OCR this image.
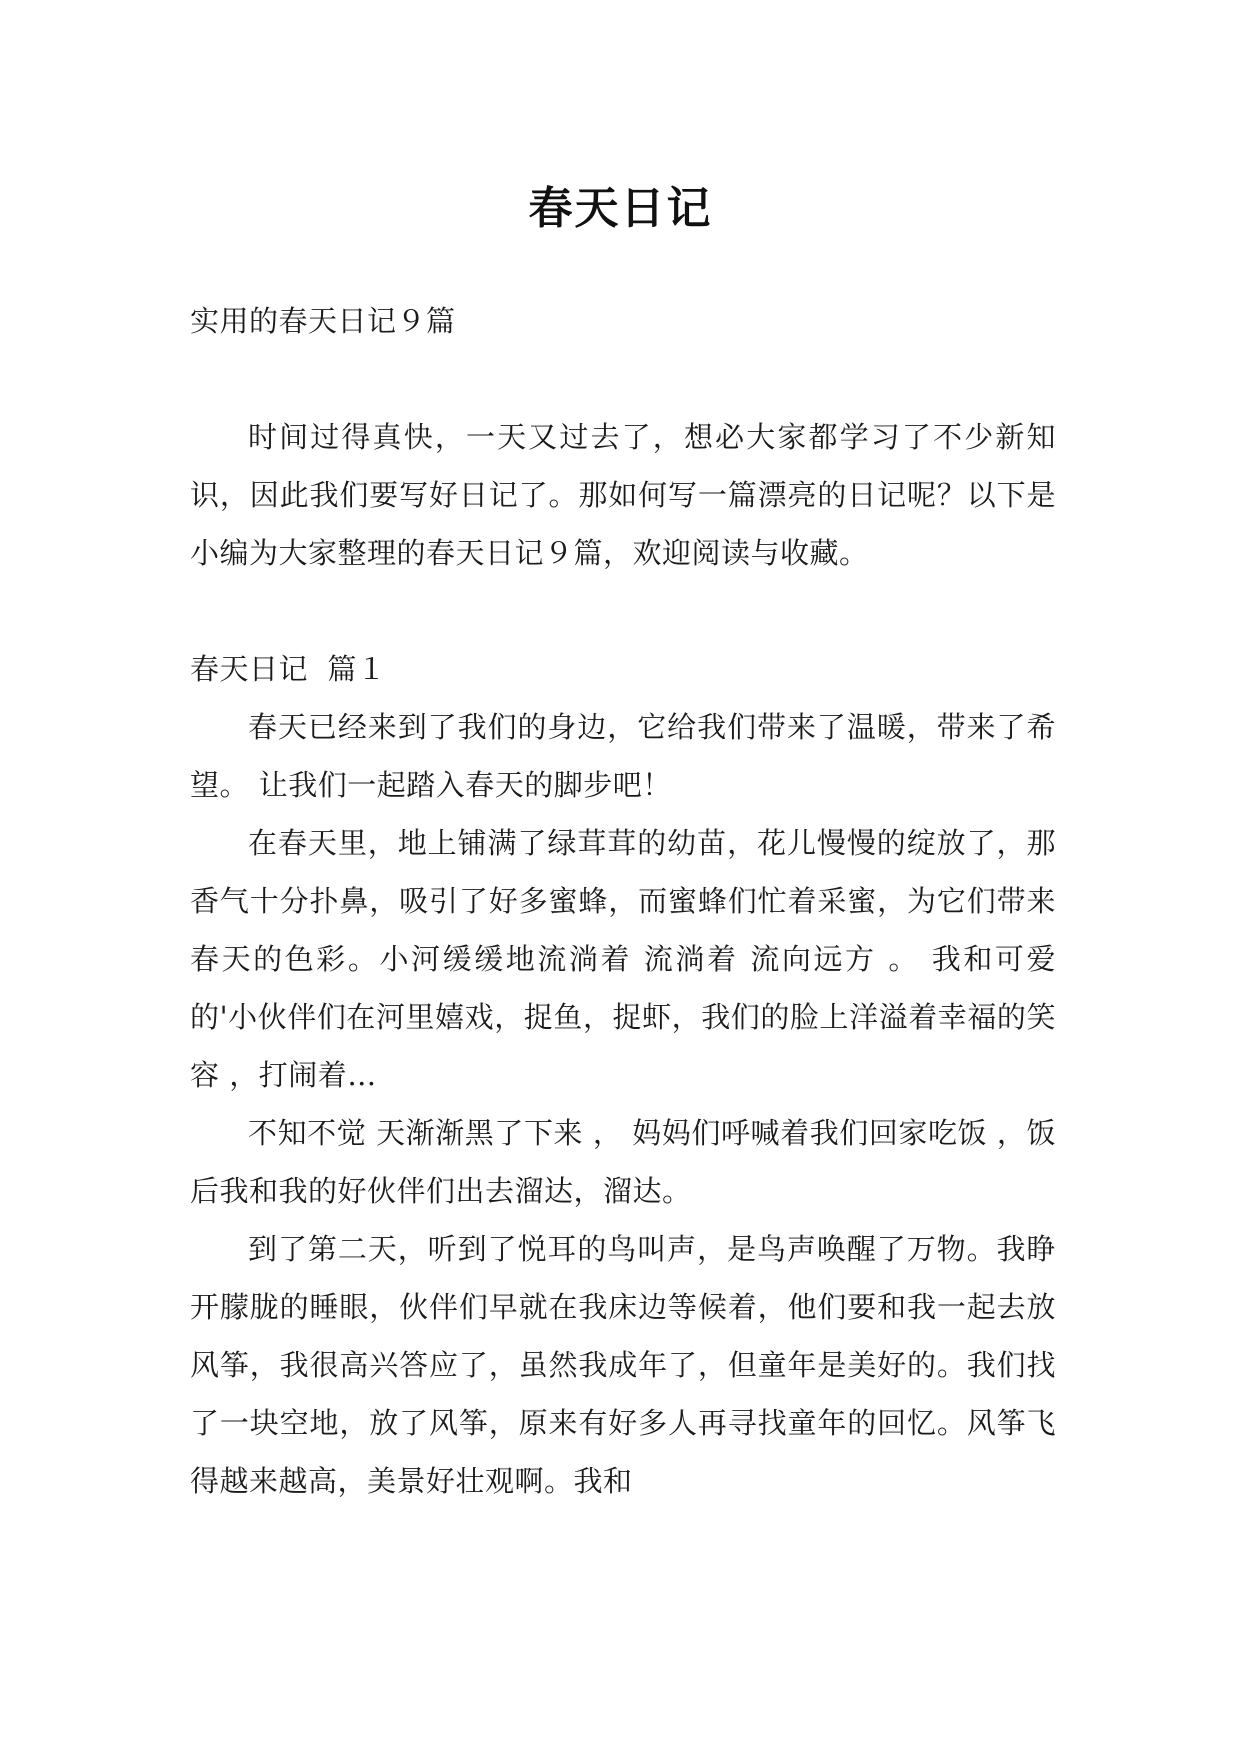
春天日记

实用的春天日记９篇

时间过得真快，一天又过去了，想必大家都学习了不少新知识，因此我们要写好日记了。那如何写一篇漂亮的日记呢？以下是小编为大家整理的春天日记９篇，欢迎阅读与收藏。

春天日记  篇１

春天已经来到了我们的身边，它给我们带来了温暖，带来了希望。 让我们一起踏入春天的脚步吧！

在春天里，地上铺满了绿茸茸的幼苗，花儿慢慢的绽放了，那香气十分扑鼻，吸引了好多蜜蜂，而蜜蜂们忙着采蜜，为它们带来春天的色彩。小河缓缓地流淌着 流淌着 流向远方 。 我和可爱的'小伙伴们在河里嬉戏，捉鱼，捉虾，我们的脸上洋溢着幸福的笑容 ，打闹着…

不知不觉 天渐渐黑了下来 ， 妈妈们呼喊着我们回家吃饭 ，饭后我和我的好伙伴们出去溜达，溜达。

到了第二天，听到了悦耳的鸟叫声，是鸟声唤醒了万物。我睁开朦胧的睡眼，伙伴们早就在我床边等候着，他们要和我一起去放风筝，我很高兴答应了，虽然我成年了，但童年是美好的。我们找了一块空地，放了风筝，原来有好多人再寻找童年的回忆。风筝飞得越来越高，美景好壮观啊。我和
